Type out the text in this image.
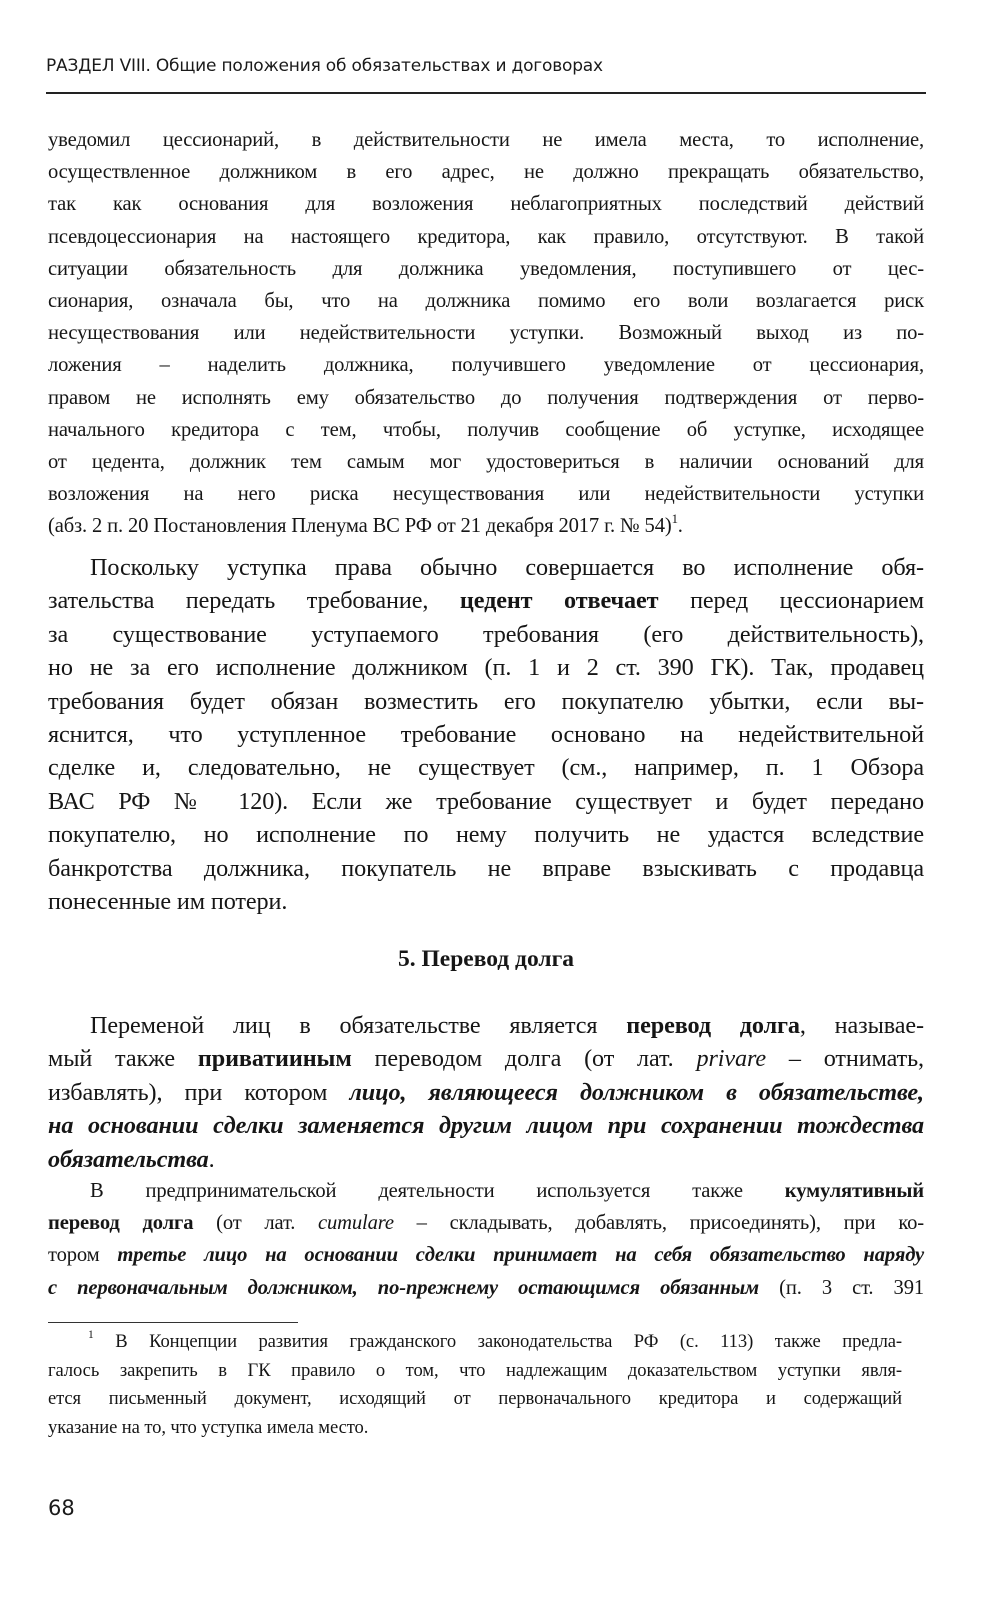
РАЗДЕЛ VIII. Общие положения об обязательствах и договорах
уведомил цессионарий, в действительности не имела места, то исполнение,
осуществленное должником в его адрес, не должно прекращать обязательство,
так как основания для возложения неблагоприятных последствий действий
псевдоцессионария на настоящего кредитора, как правило, отсутствуют. В такой
ситуации обязательность для должника уведомления, поступившего от цес-
сионария, означала бы, что на должника помимо его воли возлагается риск
несуществования или недействительности уступки. Возможный выход из по-
ложения – наделить должника, получившего уведомление от цессионария,
правом не исполнять ему обязательство до получения подтверждения от перво-
начального кредитора с тем, чтобы, получив сообщение об уступке, исходящее
от цедента, должник тем самым мог удостовериться в наличии оснований для
возложения на него риска несуществования или недействительности уступки
(абз. 2 п. 20 Постановления Пленума ВС РФ от 21 декабря 2017 г. № 54)$^1$.
Поскольку уступка права обычно совершается во исполнение обя-
зательства передать требование, цедент отвечает перед цессионарием
за существование уступаемого требования (его действительность),
но не за его исполнение должником (п. 1 и 2 ст. 390 ГК). Так, продавец
требования будет обязан возместить его покупателю убытки, если вы-
яснится, что уступленное требование основано на недействительной
сделке и, следовательно, не существует (см., например, п. 1 Обзора
ВАС РФ № 120). Если же требование существует и будет передано
покупателю, но исполнение по нему получить не удастся вследствие
банкротства должника, покупатель не вправе взыскивать с продавца
понесенные им потери.
5. Перевод долга
Переменой лиц в обязательстве является перевод долга, называе-
мый также приватииным переводом долга (от лат. privare – отнимать,
избавлять), при котором лицо, являющееся должником в обязательстве,
на основании сделки заменяется другим лицом при сохранении тождества
обязательства.
В предпринимательской деятельности используется также кумулятивный
перевод долга (от лат. cumulare – складывать, добавлять, присоединять), при ко-
тором третье лицо на основании сделки принимает на себя обязательство наряду
с первоначальным должником, по-прежнему остающимся обязанным (п. 3 ст. 391
$^1$ В Концепции развития гражданского законодательства РФ (с. 113) также предла-
галось закрепить в ГК правило о том, что надлежащим доказательством уступки явля-
ется письменный документ, исходящий от первоначального кредитора и содержащий
указание на то, что уступка имела место.
68
